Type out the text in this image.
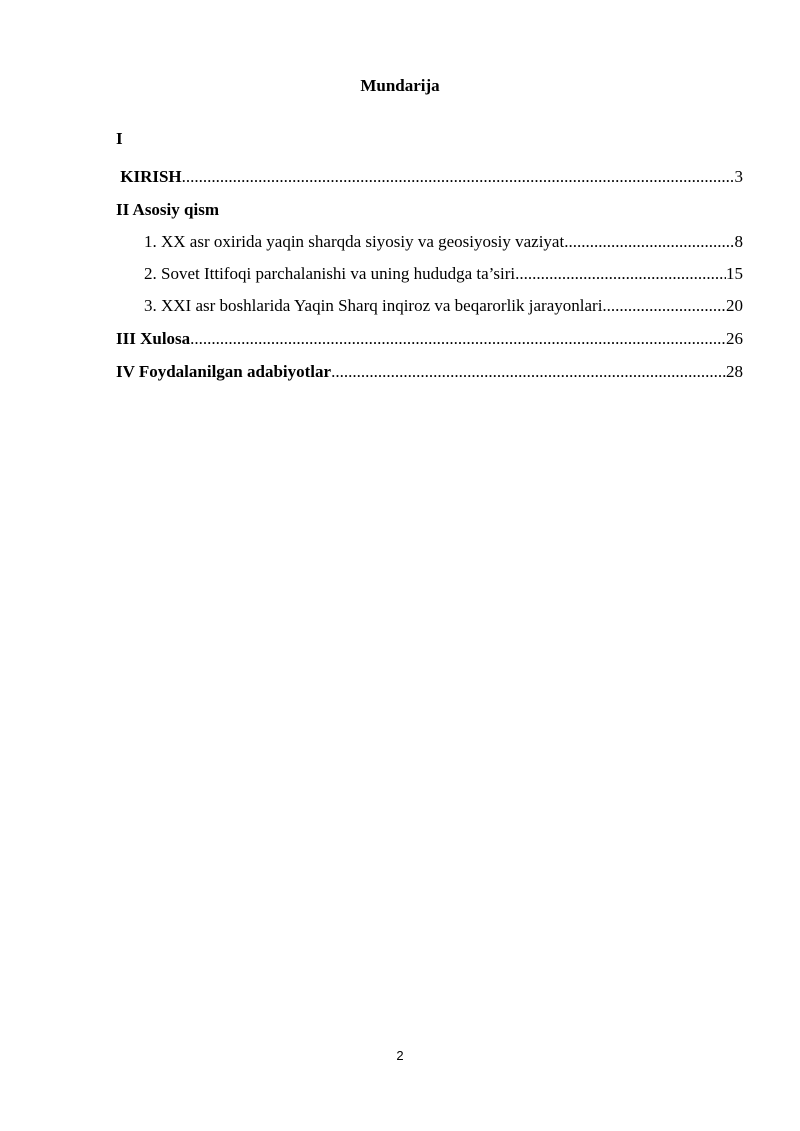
Mundarija
I
KIRISH .....	3
II Asosiy qism
1. XX asr oxirida yaqin sharqda siyosiy va geosiyosiy vaziyat .....	8
2. Sovet Ittifoqi parchalanishi va uning hududga ta’siri .....	15
3. XXI asr boshlarida Yaqin Sharq inqiroz va beqarorlik jarayonlari .....	20
III Xulosa .....	26
IV Foydalanilgan adabiyotlar .....	28
2
